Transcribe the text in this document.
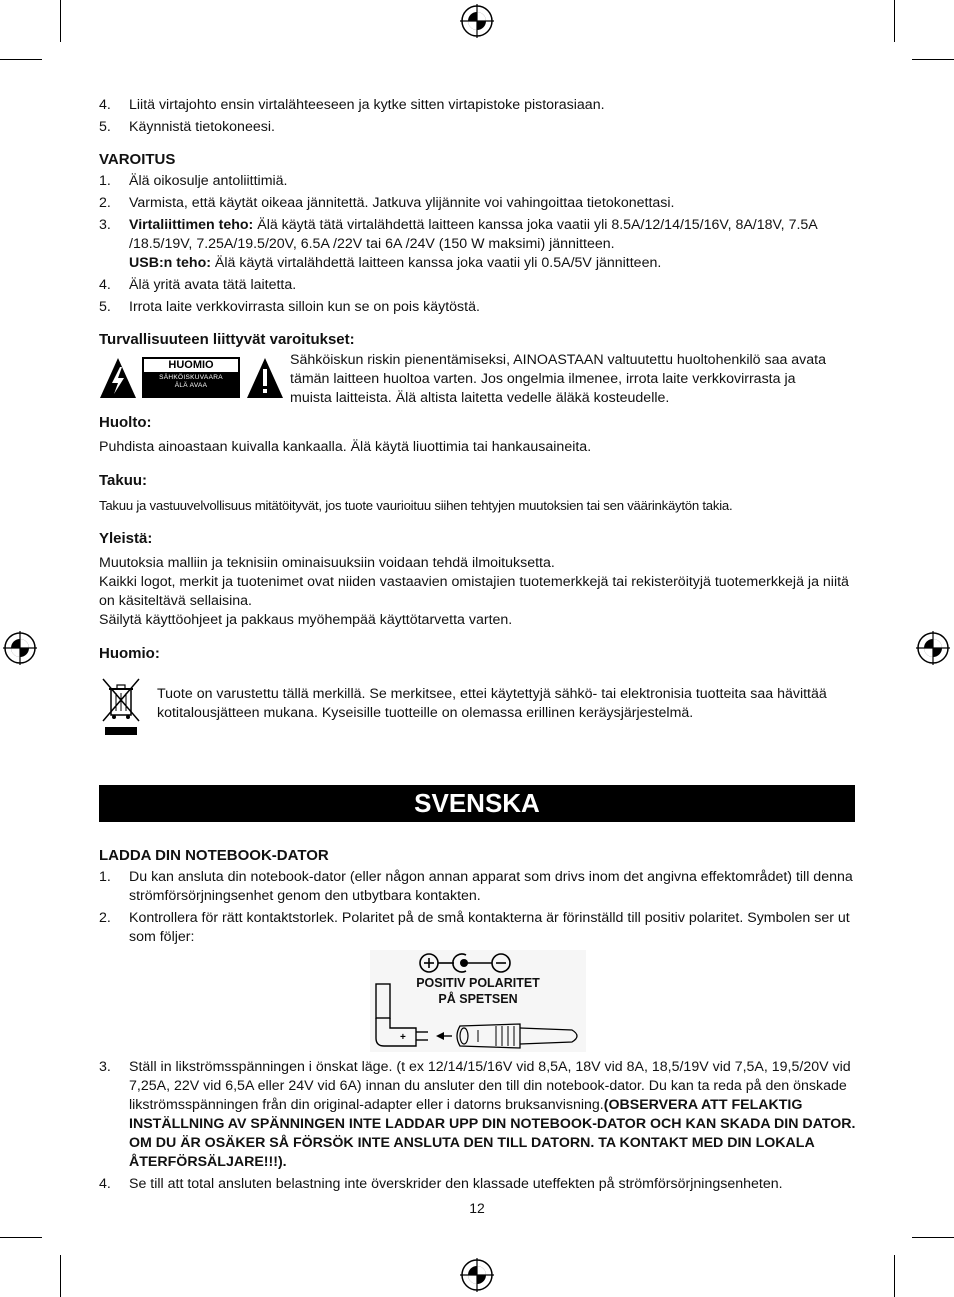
4. Liitä virtajohto ensin virtalähteeseen ja kytke sitten virtapistoke pistorasiaan.
5. Käynnistä tietokoneesi.
VAROITUS
1. Älä oikosulje antoliittimiä.
2. Varmista, että käytät oikeaa jännitettä. Jatkuva ylijännite voi vahingoittaa tietokonettasi.
3. Virtaliittimen teho: Älä käytä tätä virtalähdettä laitteen kanssa joka vaatii yli 8.5A/12/14/15/16V, 8A/18V, 7.5A /18.5/19V, 7.25A/19.5/20V, 6.5A /22V tai 6A /24V (150 W maksimi) jännitteen.
USB:n teho: Älä käytä virtalähdettä laitteen kanssa joka vaatii yli 0.5A/5V jännitteen.
4. Älä yritä avata tätä laitetta.
5. Irrota laite verkkovirrasta silloin kun se on pois käytöstä.
Turvallisuuteen liittyvät varoitukset:
HUOMIO
SÄHKÖISKUVAARA
ÄLÄ AVAA

Sähköiskun riskin pienentämiseksi, AINOASTAAN valtuutettu huoltohenkilö saa avata tämän laitteen huoltoa varten. Jos ongelmia ilmenee, irrota laite verkkovirrasta ja muista laitteista. Älä altista laitetta vedelle äläkä kosteudelle.

Huolto:

Puhdista ainoastaan kuivalla kankaalla. Älä käytä liuottimia tai hankausaineita.

Takuu:

Takuu ja vastuuvelvollisuus mitätöityvät, jos tuote vaurioituu siihen tehtyjen muutoksien tai sen väärinkäytön takia.

Yleistä:

Muutoksia malliin ja teknisiin ominaisuuksiin voidaan tehdä ilmoituksetta.

Kaikki logot, merkit ja tuotenimet ovat niiden vastaavien omistajien tuotemerkkejä tai rekisteröityjä tuotemerkkejä ja niitä on käsiteltävä sellaisina.

Säilytä käyttöohjeet ja pakkaus myöhempää käyttötarvetta varten.

Huomio:

Tuote on varustettu tällä merkillä. Se merkitsee, ettei käytettyjä sähkö- tai elektronisia tuotteita saa hävittää kotitalousjätteen mukana. Kyseisille tuotteille on olemassa erillinen keräysjärjestelmä.

SVENSKA
LADDA DIN NOTEBOOK-DATOR
1. Du kan ansluta din notebook-dator (eller någon annan apparat som drivs inom det angivna effektområdet) till denna strömförsörjningsenhet genom den utbytbara kontakten.
2. Kontrollera för rätt kontaktstorlek. Polaritet på de små kontakterna är förinställd till positiv polaritet. Symbolen ser ut som följer:
POSITIV POLARITET
PÅ SPETSEN
+
3. Ställ in likströmsspänningen i önskat läge. (t ex 12/14/15/16V vid 8,5A, 18V vid 8A, 18,5/19V vid 7,5A, 19,5/20V vid 7,25A, 22V vid 6,5A eller 24V vid 6A) innan du ansluter den till din notebook-dator. Du kan ta reda på den önskade likströmsspänningen från din original-adapter eller i datorns bruksanvisning.(OBSERVERA ATT FELAKTIG INSTÄLLNING AV SPÄNNINGEN INTE LADDAR UPP DIN NOTEBOOK-DATOR OCH KAN SKADA DIN DATOR. OM DU ÄR OSÄKER SÅ FÖRSÖK INTE ANSLUTA DEN TILL DATORN. TA KONTAKT MED DIN LOKALA ÅTERFÖRSÄLJARE!!!).
4. Se till att total ansluten belastning inte överskrider den klassade uteffekten på strömförsörjningsenheten.
12
